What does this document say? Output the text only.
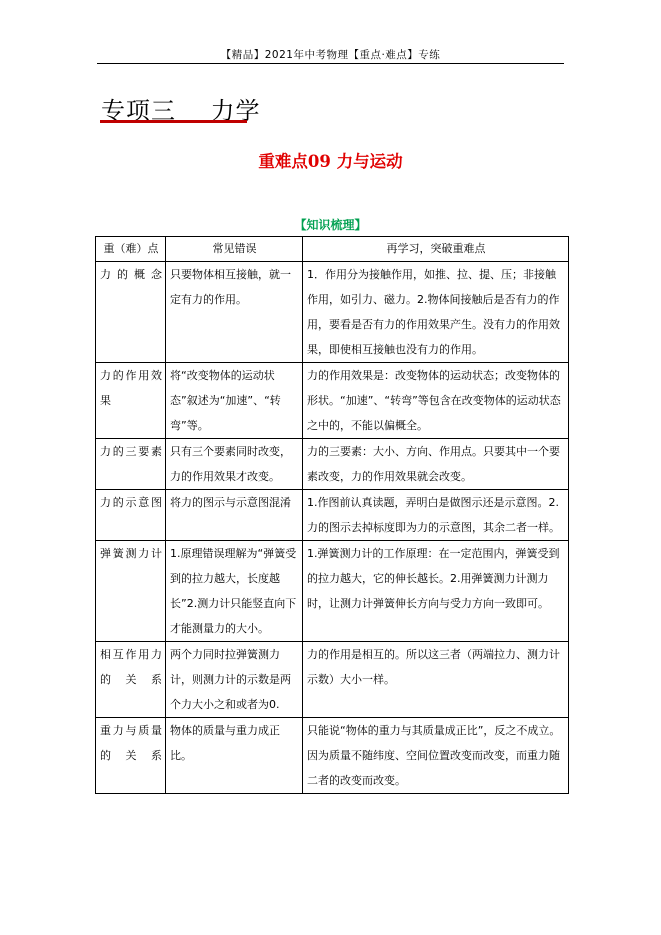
【精品】2021年中考物理【重点·难点】专练
专项三    力学
重难点09 力与运动
【知识梳理】
重（难）点	常见错误	再学习，突破重难点
力的概念	只要物体相互接触，就一定有力的作用。	1．作用分为接触作用，如推、拉、提、压；非接触作用，如引力、磁力。2.物体间接触后是否有力的作用，要看是否有力的作用效果产生。没有力的作用效果，即使相互接触也没有力的作用。
力的作用效果	将“改变物体的运动状态”叙述为“加速”、“转弯”等。	力的作用效果是：改变物体的运动状态；改变物体的形状。“加速”、“转弯”等包含在改变物体的运动状态之中的，不能以偏概全。
力的三要素	只有三个要素同时改变，力的作用效果才改变。	力的三要素：大小、方向、作用点。只要其中一个要素改变，力的作用效果就会改变。
力的示意图	将力的图示与示意图混淆	1.作图前认真读题，弄明白是做图示还是示意图。2.力的图示去掉标度即为力的示意图，其余二者一样。
弹簧测力计	1.原理错误理解为“弹簧受到的拉力越大，长度越长”2.测力计只能竖直向下才能测量力的大小。	1.弹簧测力计的工作原理：在一定范围内，弹簧受到的拉力越大，它的伸长越长。2.用弹簧测力计测力时，让测力计弹簧伸长方向与受力方向一致即可。
相互作用力的关系	两个力同时拉弹簧测力计，则测力计的示数是两个力大小之和或者为0.	力的作用是相互的。所以这三者（两端拉力、测力计示数）大小一样。
重力与质量的关系	物体的质量与重力成正比。	只能说“物体的重力与其质量成正比”，反之不成立。因为质量不随纬度、空间位置改变而改变，而重力随二者的改变而改变。
